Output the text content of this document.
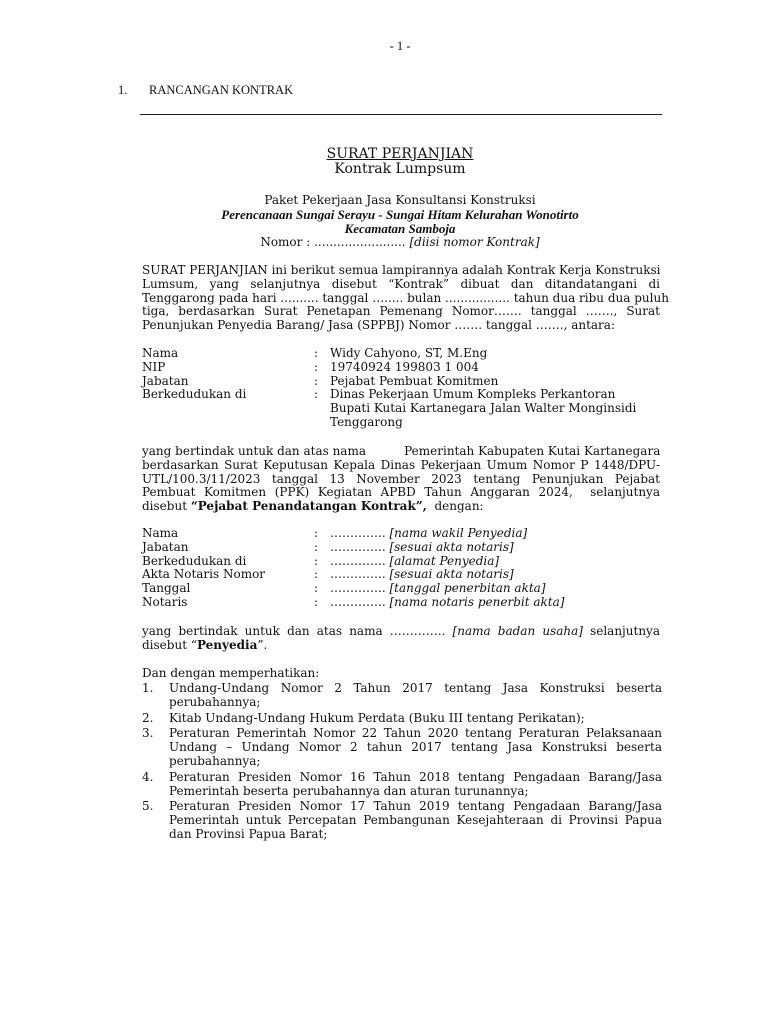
- 1 -
1. RANCANGAN KONTRAK
SURAT PERJANJIAN
Kontrak Lumpsum
Paket Pekerjaan Jasa Konsultansi Konstruksi
Perencanaan Sungai Serayu - Sungai Hitam Kelurahan Wonotirto
Kecamatan Samboja
Nomor : ........................ [diisi nomor Kontrak]
SURAT PERJANJIAN ini berikut semua lampirannya adalah Kontrak Kerja Konstruksi
Lumsum, yang selanjutnya disebut “Kontrak” dibuat dan ditandatangani di
Tenggarong pada hari .......... tanggal …..... bulan ................. tahun dua ribu dua puluh
tiga, berdasarkan Surat Penetapan Pemenang Nomor……. tanggal ……., Surat
Penunjukan Penyedia Barang/ Jasa (SPPBJ) Nomor ……. tanggal ……., antara:
Nama	: Widy Cahyono, ST, M.Eng
NIP	: 19740924 199803 1 004
Jabatan	: Pejabat Pembuat Komitmen
Berkedudukan di	: Dinas Pekerjaan Umum Kompleks Perkantoran
Bupati Kutai Kartanegara Jalan Walter Monginsidi
Tenggarong
yang bertindak untuk dan atas nama          Pemerintah Kabupaten Kutai Kartanegara
berdasarkan Surat Keputusan Kepala Dinas Pekerjaan Umum Nomor P 1448/DPU-
UTL/100.3/11/2023 tanggal 13 November 2023 tentang Penunjukan Pejabat
Pembuat Komitmen (PPK) Kegiatan APBD Tahun Anggaran 2024,  selanjutnya
disebut “Pejabat Penandatangan Kontrak”,  dengan:
Nama	: ………….. [nama wakil Penyedia]
Jabatan	: ………….. [sesuai akta notaris]
Berkedudukan di	: ………….. [alamat Penyedia]
Akta Notaris Nomor	: ………….. [sesuai akta notaris]
Tanggal	: ………….. [tanggal penerbitan akta]
Notaris	: ………….. [nama notaris penerbit akta]
yang bertindak untuk dan atas nama ………….. [nama badan usaha] selanjutnya
disebut “Penyedia”.
Dan dengan memperhatikan:
1. Undang-Undang Nomor 2 Tahun 2017 tentang Jasa Konstruksi beserta
perubahannya;
2. Kitab Undang-Undang Hukum Perdata (Buku III tentang Perikatan);
3. Peraturan Pemerintah Nomor 22 Tahun 2020 tentang Peraturan Pelaksanaan
Undang – Undang Nomor 2 tahun 2017 tentang Jasa Konstruksi beserta
perubahannya;
4. Peraturan Presiden Nomor 16 Tahun 2018 tentang Pengadaan Barang/Jasa
Pemerintah beserta perubahannya dan aturan turunannya;
5. Peraturan Presiden Nomor 17 Tahun 2019 tentang Pengadaan Barang/Jasa
Pemerintah untuk Percepatan Pembangunan Kesejahteraan di Provinsi Papua
dan Provinsi Papua Barat;
